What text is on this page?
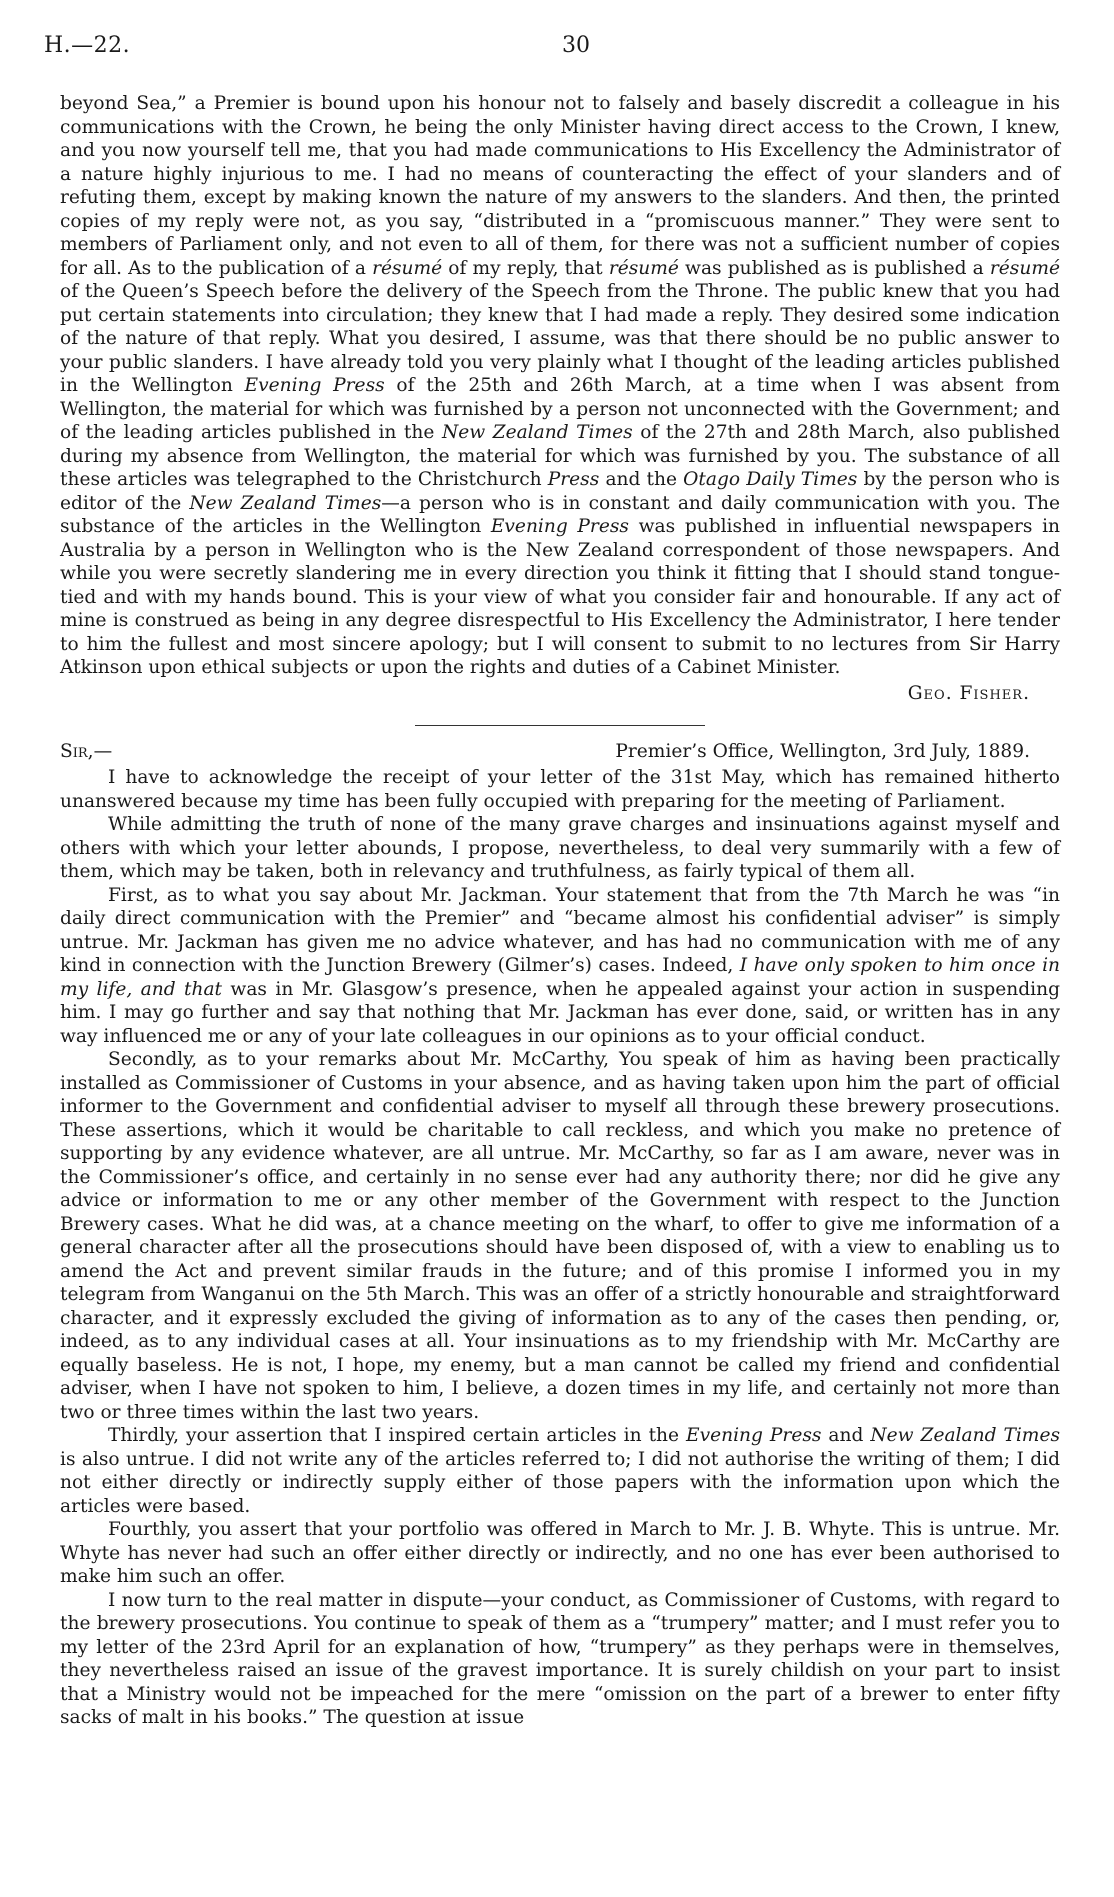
H.—22.	30

beyond Sea,” a Premier is bound upon his honour not to falsely and basely discredit a colleague in his communications with the Crown, he being the only Minister having direct access to the Crown, I knew, and you now yourself tell me, that you had made communications to His Excellency the Administrator of a nature highly injurious to me. I had no means of counteracting the effect of your slanders and of refuting them, except by making known the nature of my answers to the slanders. And then, the printed copies of my reply were not, as you say, “distributed in a “promiscuous manner.” They were sent to members of Parliament only, and not even to all of them, for there was not a sufficient number of copies for all. As to the publication of a résumé of my reply, that résumé was published as is published a résumé of the Queen’s Speech before the delivery of the Speech from the Throne. The public knew that you had put certain statements into circulation; they knew that I had made a reply. They desired some indication of the nature of that reply. What you desired, I assume, was that there should be no public answer to your public slanders. I have already told you very plainly what I thought of the leading articles published in the Wellington Evening Press of the 25th and 26th March, at a time when I was absent from Wellington, the material for which was furnished by a person not unconnected with the Government; and of the leading articles published in the New Zealand Times of the 27th and 28th March, also published during my absence from Wellington, the material for which was furnished by you. The substance of all these articles was telegraphed to the Christchurch Press and the Otago Daily Times by the person who is editor of the New Zealand Times—a person who is in constant and daily communication with you. The substance of the articles in the Wellington Evening Press was published in influential newspapers in Australia by a person in Wellington who is the New Zealand correspondent of those newspapers. And while you were secretly slandering me in every direction you think it fitting that I should stand tongue-tied and with my hands bound. This is your view of what you consider fair and honourable. If any act of mine is construed as being in any degree disrespectful to His Excellency the Administrator, I here tender to him the fullest and most sincere apology; but I will consent to submit to no lectures from Sir Harry Atkinson upon ethical subjects or upon the rights and duties of a Cabinet Minister.

Geo. Fisher.

Sir,—	Premier’s Office, Wellington, 3rd July, 1889.

I have to acknowledge the receipt of your letter of the 31st May, which has remained hitherto unanswered because my time has been fully occupied with preparing for the meeting of Parliament.

While admitting the truth of none of the many grave charges and insinuations against myself and others with which your letter abounds, I propose, nevertheless, to deal very summarily with a few of them, which may be taken, both in relevancy and truthfulness, as fairly typical of them all.

First, as to what you say about Mr. Jackman. Your statement that from the 7th March he was “in daily direct communication with the Premier” and “became almost his confidential adviser” is simply untrue. Mr. Jackman has given me no advice whatever, and has had no communication with me of any kind in connection with the Junction Brewery (Gilmer’s) cases. Indeed, I have only spoken to him once in my life, and that was in Mr. Glasgow’s presence, when he appealed against your action in suspending him. I may go further and say that nothing that Mr. Jackman has ever done, said, or written has in any way influenced me or any of your late colleagues in our opinions as to your official conduct.

Secondly, as to your remarks about Mr. McCarthy, You speak of him as having been practically installed as Commissioner of Customs in your absence, and as having taken upon him the part of official informer to the Government and confidential adviser to myself all through these brewery prosecutions. These assertions, which it would be charitable to call reckless, and which you make no pretence of supporting by any evidence whatever, are all untrue. Mr. McCarthy, so far as I am aware, never was in the Commissioner’s office, and certainly in no sense ever had any authority there; nor did he give any advice or information to me or any other member of the Government with respect to the Junction Brewery cases. What he did was, at a chance meeting on the wharf, to offer to give me information of a general character after all the prosecutions should have been disposed of, with a view to enabling us to amend the Act and prevent similar frauds in the future; and of this promise I informed you in my telegram from Wanganui on the 5th March. This was an offer of a strictly honourable and straightforward character, and it expressly excluded the giving of information as to any of the cases then pending, or, indeed, as to any individual cases at all. Your insinuations as to my friendship with Mr. McCarthy are equally baseless. He is not, I hope, my enemy, but a man cannot be called my friend and confidential adviser, when I have not spoken to him, I believe, a dozen times in my life, and certainly not more than two or three times within the last two years.

Thirdly, your assertion that I inspired certain articles in the Evening Press and New Zealand Times is also untrue. I did not write any of the articles referred to; I did not authorise the writing of them; I did not either directly or indirectly supply either of those papers with the information upon which the articles were based.

Fourthly, you assert that your portfolio was offered in March to Mr. J. B. Whyte. This is untrue. Mr. Whyte has never had such an offer either directly or indirectly, and no one has ever been authorised to make him such an offer.

I now turn to the real matter in dispute—your conduct, as Commissioner of Customs, with regard to the brewery prosecutions. You continue to speak of them as a “trumpery” matter; and I must refer you to my letter of the 23rd April for an explanation of how, “trumpery” as they perhaps were in themselves, they nevertheless raised an issue of the gravest importance. It is surely childish on your part to insist that a Ministry would not be impeached for the mere “omission on the part of a brewer to enter fifty sacks of malt in his books.” The question at issue
